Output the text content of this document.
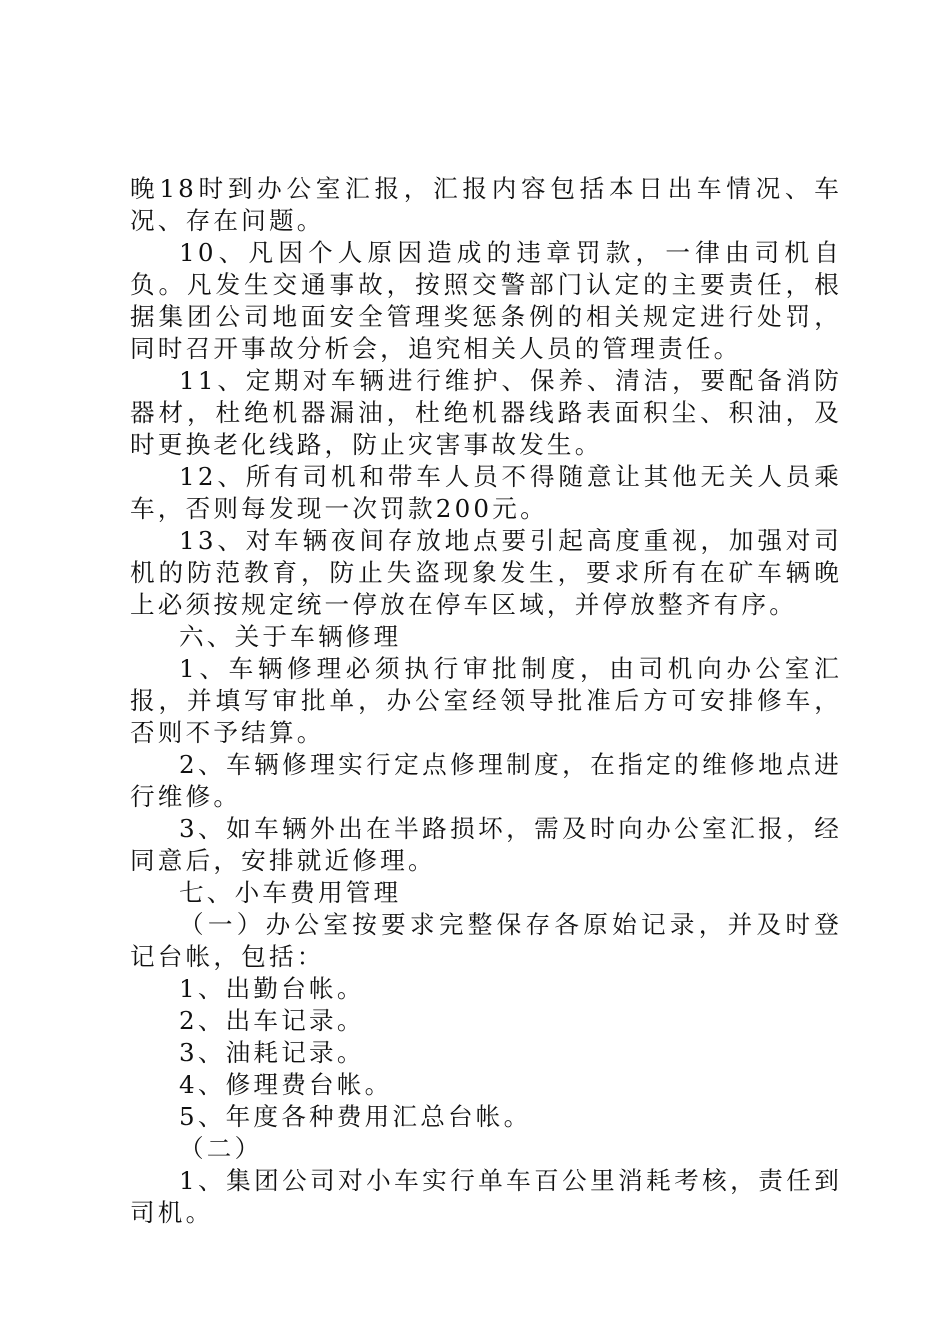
晚18时到办公室汇报，汇报内容包括本日出车情况、车况、存在问题。

10、凡因个人原因造成的违章罚款，一律由司机自负。凡发生交通事故，按照交警部门认定的主要责任，根据集团公司地面安全管理奖惩条例的相关规定进行处罚，同时召开事故分析会，追究相关人员的管理责任。

11、定期对车辆进行维护、保养、清洁，要配备消防器材，杜绝机器漏油，杜绝机器线路表面积尘、积油，及时更换老化线路，防止灾害事故发生。

12、所有司机和带车人员不得随意让其他无关人员乘车，否则每发现一次罚款200元。

13、对车辆夜间存放地点要引起高度重视，加强对司机的防范教育，防止失盗现象发生，要求所有在矿车辆晚上必须按规定统一停放在停车区域，并停放整齐有序。

六、关于车辆修理

1、车辆修理必须执行审批制度，由司机向办公室汇报，并填写审批单，办公室经领导批准后方可安排修车，否则不予结算。

2、车辆修理实行定点修理制度，在指定的维修地点进行维修。

3、如车辆外出在半路损坏，需及时向办公室汇报，经同意后，安排就近修理。

七、小车费用管理

（一）办公室按要求完整保存各原始记录，并及时登记台帐，包括：

1、出勤台帐。

2、出车记录。

3、油耗记录。

4、修理费台帐。

5、年度各种费用汇总台帐。

（二）

1、集团公司对小车实行单车百公里消耗考核，责任到司机。
